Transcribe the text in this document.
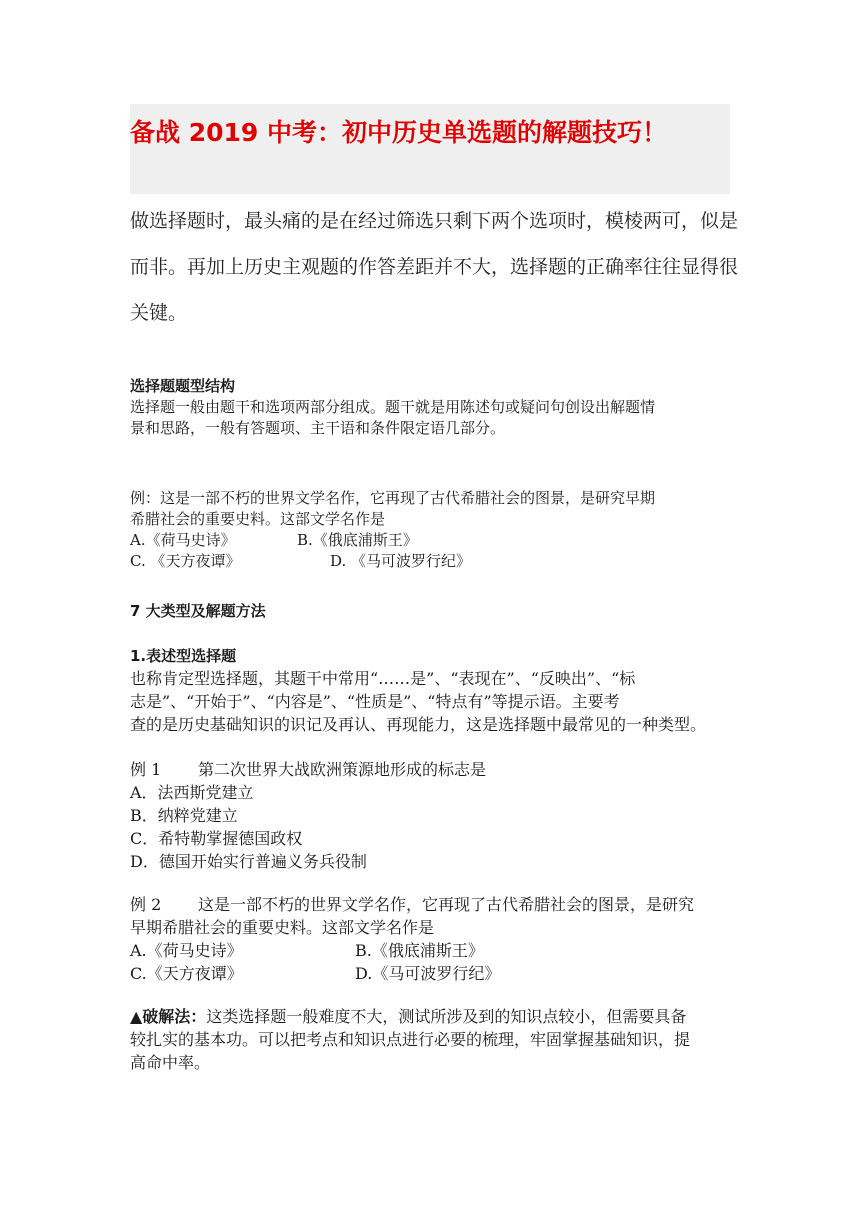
备战 2019 中考：初中历史单选题的解题技巧！
做选择题时，最头痛的是在经过筛选只剩下两个选项时，模棱两可，似是
而非。再加上历史主观题的作答差距并不大，选择题的正确率往往显得很
关键。
选择题题型结构
选择题一般由题干和选项两部分组成。题干就是用陈述句或疑问句创设出解题情
景和思路，一般有答题项、主干语和条件限定语几部分。
例：这是一部不朽的世界文学名作，它再现了古代希腊社会的图景，是研究早期
希腊社会的重要史料。这部文学名作是
A.《荷马史诗》	B.《俄底浦斯王》
C. 《天方夜谭》	D. 《马可波罗行纪》
7 大类型及解题方法
1.表述型选择题
也称肯定型选择题，其题干中常用“……是”、“表现在”、“反映出”、“标
志是”、“开始于”、“内容是”、“性质是”、“特点有”等提示语。主要考
查的是历史基础知识的识记及再认、再现能力，这是选择题中最常见的一种类型。
例 1 第二次世界大战欧洲策源地形成的标志是
A．法西斯党建立
B．纳粹党建立
C．希特勒掌握德国政权
D．德国开始实行普遍义务兵役制
例 2 这是一部不朽的世界文学名作，它再现了古代希腊社会的图景，是研究
早期希腊社会的重要史料。这部文学名作是
A.《荷马史诗》	B.《俄底浦斯王》
C.《天方夜谭》	D.《马可波罗行纪》
▲破解法：这类选择题一般难度不大，测试所涉及到的知识点较小，但需要具备
较扎实的基本功。可以把考点和知识点进行必要的梳理，牢固掌握基础知识，提
高命中率。
